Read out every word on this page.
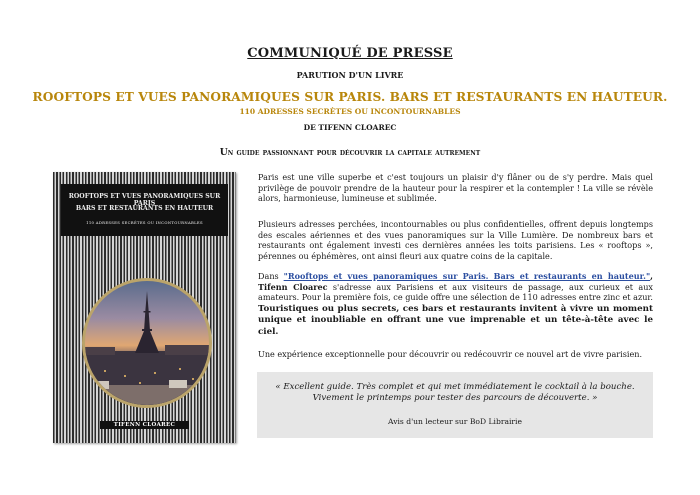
COMMUNIQUÉ DE PRESSE
PARUTION D'UN LIVRE
ROOFTOPS ET VUES PANORAMIQUES SUR PARIS. BARS ET RESTAURANTS EN HAUTEUR.
110 ADRESSES SECRÈTES OU INCONTOURNABLES
DE TIFENN CLOAREC
Un guide passionnant pour découvrir la capitale autrement
ROOFTOPS ET VUES PANORAMIQUES SUR PARIS
BARS ET RESTAURANTS EN HAUTEUR
110 ADRESSES SECRÈTES OU INCONTOURNABLES
TIFENN CLOAREC
Paris est une ville superbe et c'est toujours un plaisir d'y flâner ou de s'y perdre. Mais quel privilège de pouvoir prendre de la hauteur pour la respirer et la contempler ! La ville se révèle alors, harmonieuse, lumineuse et sublimée.
Plusieurs adresses perchées, incontournables ou plus confidentielles, offrent depuis longtemps des escales aériennes et des vues panoramiques sur la Ville Lumière. De nombreux bars et restaurants ont également investi ces dernières années les toits parisiens. Les « rooftops », pérennes ou éphémères, ont ainsi fleuri aux quatre coins de la capitale.
Dans "Rooftops et vues panoramiques sur Paris. Bars et restaurants en hauteur.", Tifenn Cloarec s'adresse aux Parisiens et aux visiteurs de passage, aux curieux et aux amateurs. Pour la première fois, ce guide offre une sélection de 110 adresses entre zinc et azur. Touristiques ou plus secrets, ces bars et restaurants invitent à vivre un moment unique et inoubliable en offrant une vue imprenable et un tête-à-tête avec le ciel.
Une expérience exceptionnelle pour découvrir ou redécouvrir ce nouvel art de vivre parisien.
« Excellent guide. Très complet et qui met immédiatement le cocktail à la bouche.
Vivement le printemps pour tester des parcours de découverte. »
Avis d'un lecteur sur BoD Librairie
